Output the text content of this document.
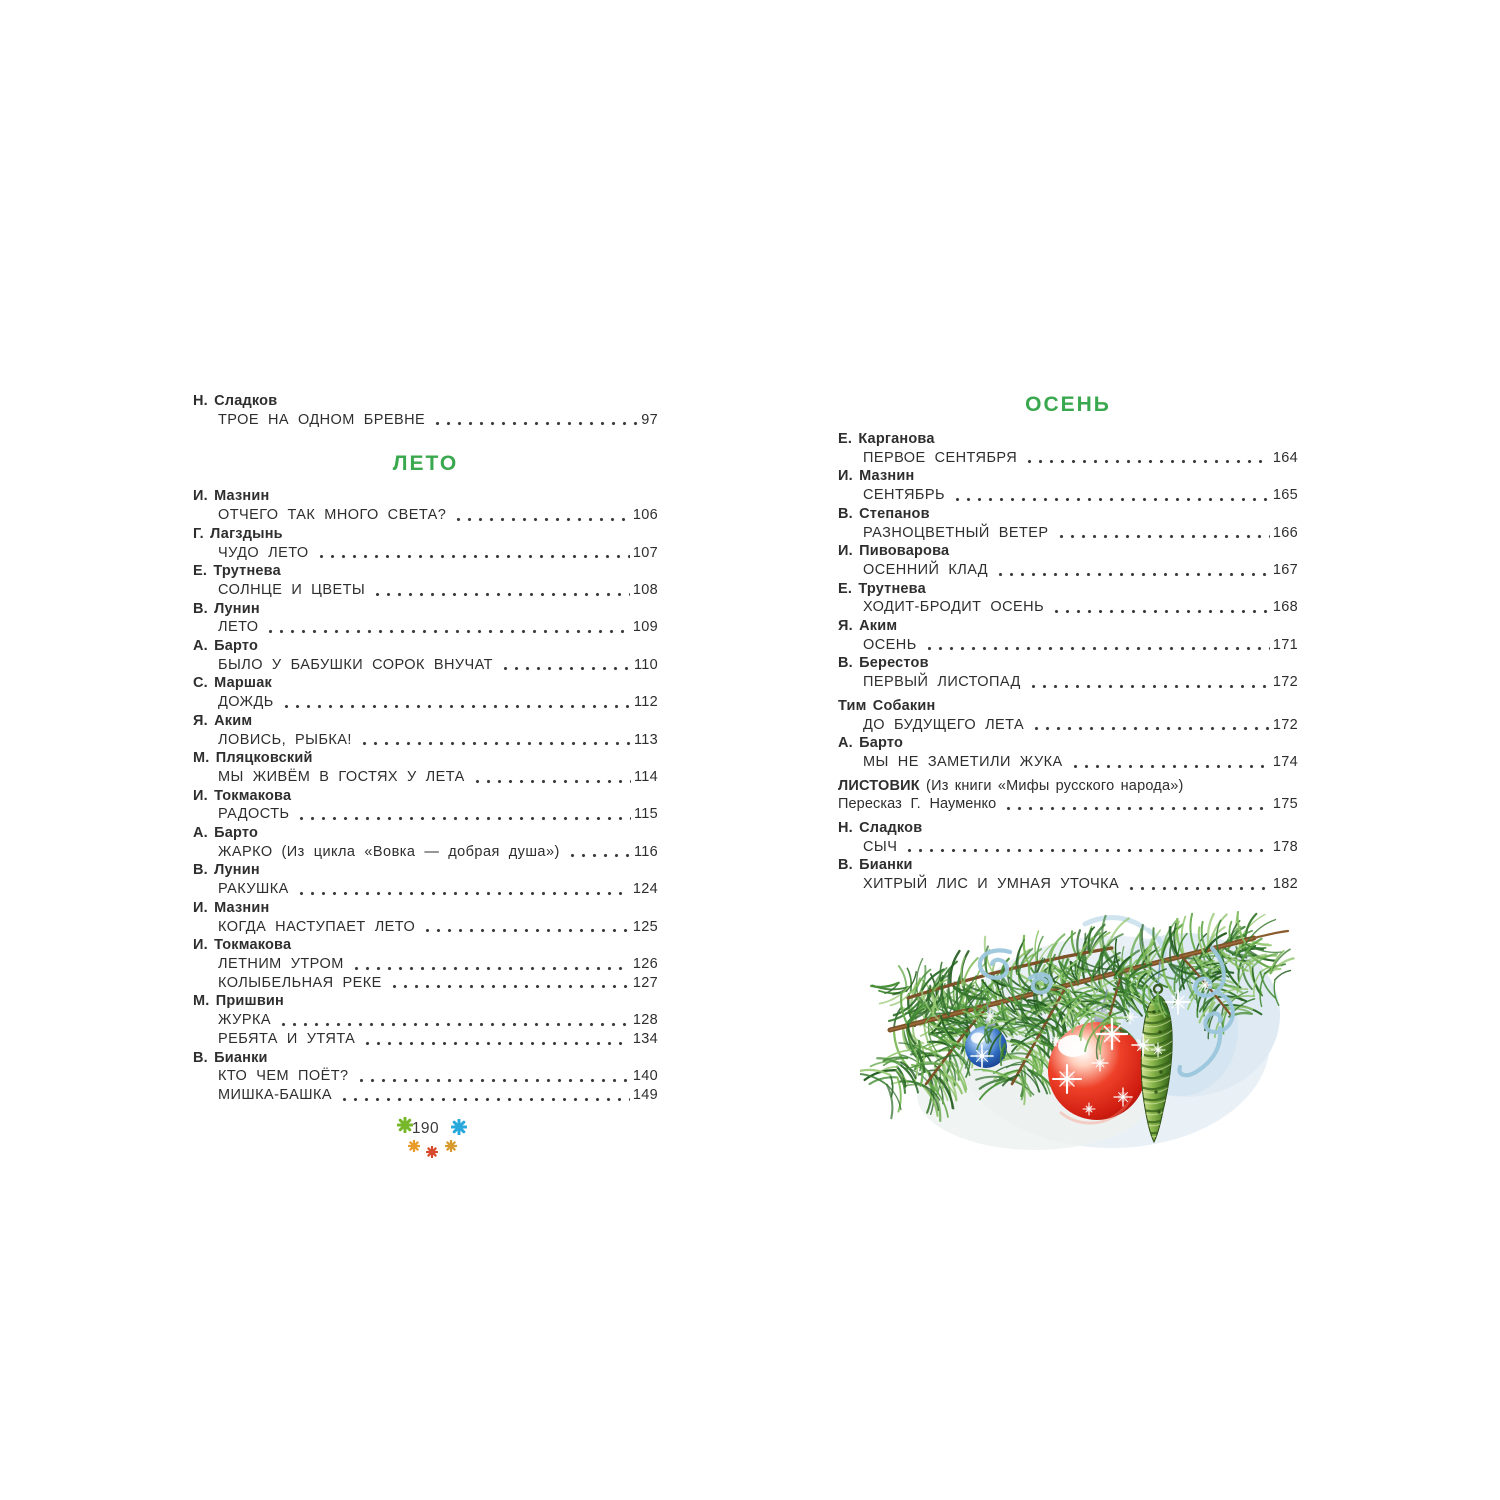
Н. Сладков
ТРОЕ НА ОДНОМ БРЕВНЕ	97
ЛЕТО
И. Мазнин
ОТЧЕГО ТАК МНОГО СВЕТА?	106
Г. Лагздынь
ЧУДО ЛЕТО	107
Е. Трутнева
СОЛНЦЕ И ЦВЕТЫ	108
В. Лунин
ЛЕТО	109
А. Барто
БЫЛО У БАБУШКИ СОРОК ВНУЧАТ	110
С. Маршак
ДОЖДЬ	112
Я. Аким
ЛОВИСЬ, РЫБКА!	113
М. Пляцковский
МЫ ЖИВЁМ В ГОСТЯХ У ЛЕТА	114
И. Токмакова
РАДОСТЬ	115
А. Барто
ЖАРКО (Из цикла «Вовка — добрая душа»)	116
В. Лунин
РАКУШКА	124
И. Мазнин
КОГДА НАСТУПАЕТ ЛЕТО	125
И. Токмакова
ЛЕТНИМ УТРОМ	126
КОЛЫБЕЛЬНАЯ РЕКЕ	127
М. Пришвин
ЖУРКА	128
РЕБЯТА И УТЯТА	134
В. Бианки
КТО ЧЕМ ПОЁТ?	140
МИШКА-БАШКА	149
190
ОСЕНЬ
Е. Карганова
ПЕРВОЕ СЕНТЯБРЯ	164
И. Мазнин
СЕНТЯБРЬ	165
В. Степанов
РАЗНОЦВЕТНЫЙ ВЕТЕР	166
И. Пивоварова
ОСЕННИЙ КЛАД	167
Е. Трутнева
ХОДИТ-БРОДИТ ОСЕНЬ	168
Я. Аким
ОСЕНЬ	171
В. Берестов
ПЕРВЫЙ ЛИСТОПАД	172
Тим Собакин
ДО БУДУЩЕГО ЛЕТА	172
А. Барто
МЫ НЕ ЗАМЕТИЛИ ЖУКА	174
ЛИСТОВИК (Из книги «Мифы русского народа»)
Пересказ Г. Науменко	175
Н. Сладков
СЫЧ	178
В. Бианки
ХИТРЫЙ ЛИС И УМНАЯ УТОЧКА	182
